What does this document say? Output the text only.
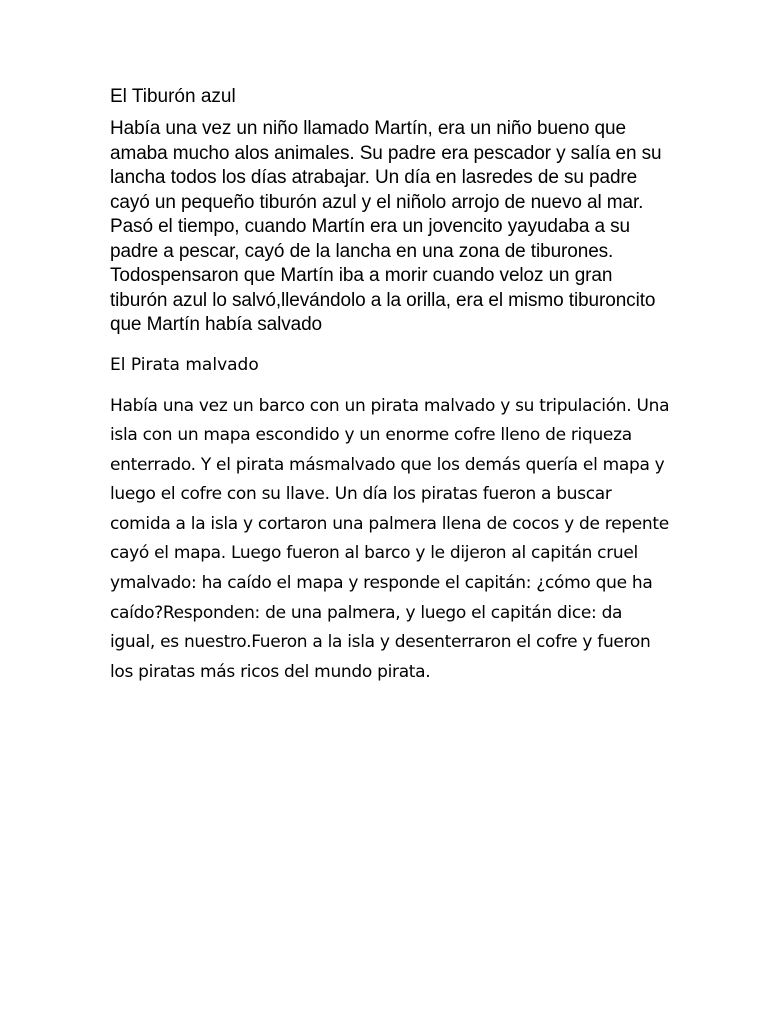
El Tiburón azul

Había una vez un niño llamado Martín, era un niño bueno que amaba mucho alos animales. Su padre era pescador y salía en su lancha todos los días atrabajar. Un día en lasredes de su padre cayó un pequeño tiburón azul y el niñolo arrojo de nuevo al mar. Pasó el tiempo, cuando Martín era un jovencito yayudaba a su padre a pescar, cayó de la lancha en una zona de tiburones. Todospensaron que Martín iba a morir cuando veloz un gran tiburón azul lo salvó,llevándolo a la orilla, era el mismo tiburoncito que Martín había salvado

El Pirata malvado

Había una vez un barco con un pirata malvado y su tripulación. Una isla con un mapa escondido y un enorme cofre lleno de riqueza enterrado. Y el pirata másmalvado que los demás quería el mapa y luego el cofre con su llave. Un día los piratas fueron a buscar comida a la isla y cortaron una palmera llena de cocos y de repente cayó el mapa. Luego fueron al barco y le dijeron al capitán cruel ymalvado: ha caído el mapa y responde el capitán: ¿cómo que ha caído?Responden: de una palmera, y luego el capitán dice: da igual, es nuestro.Fueron a la isla y desenterraron el cofre y fueron los piratas más ricos del mundo pirata.
